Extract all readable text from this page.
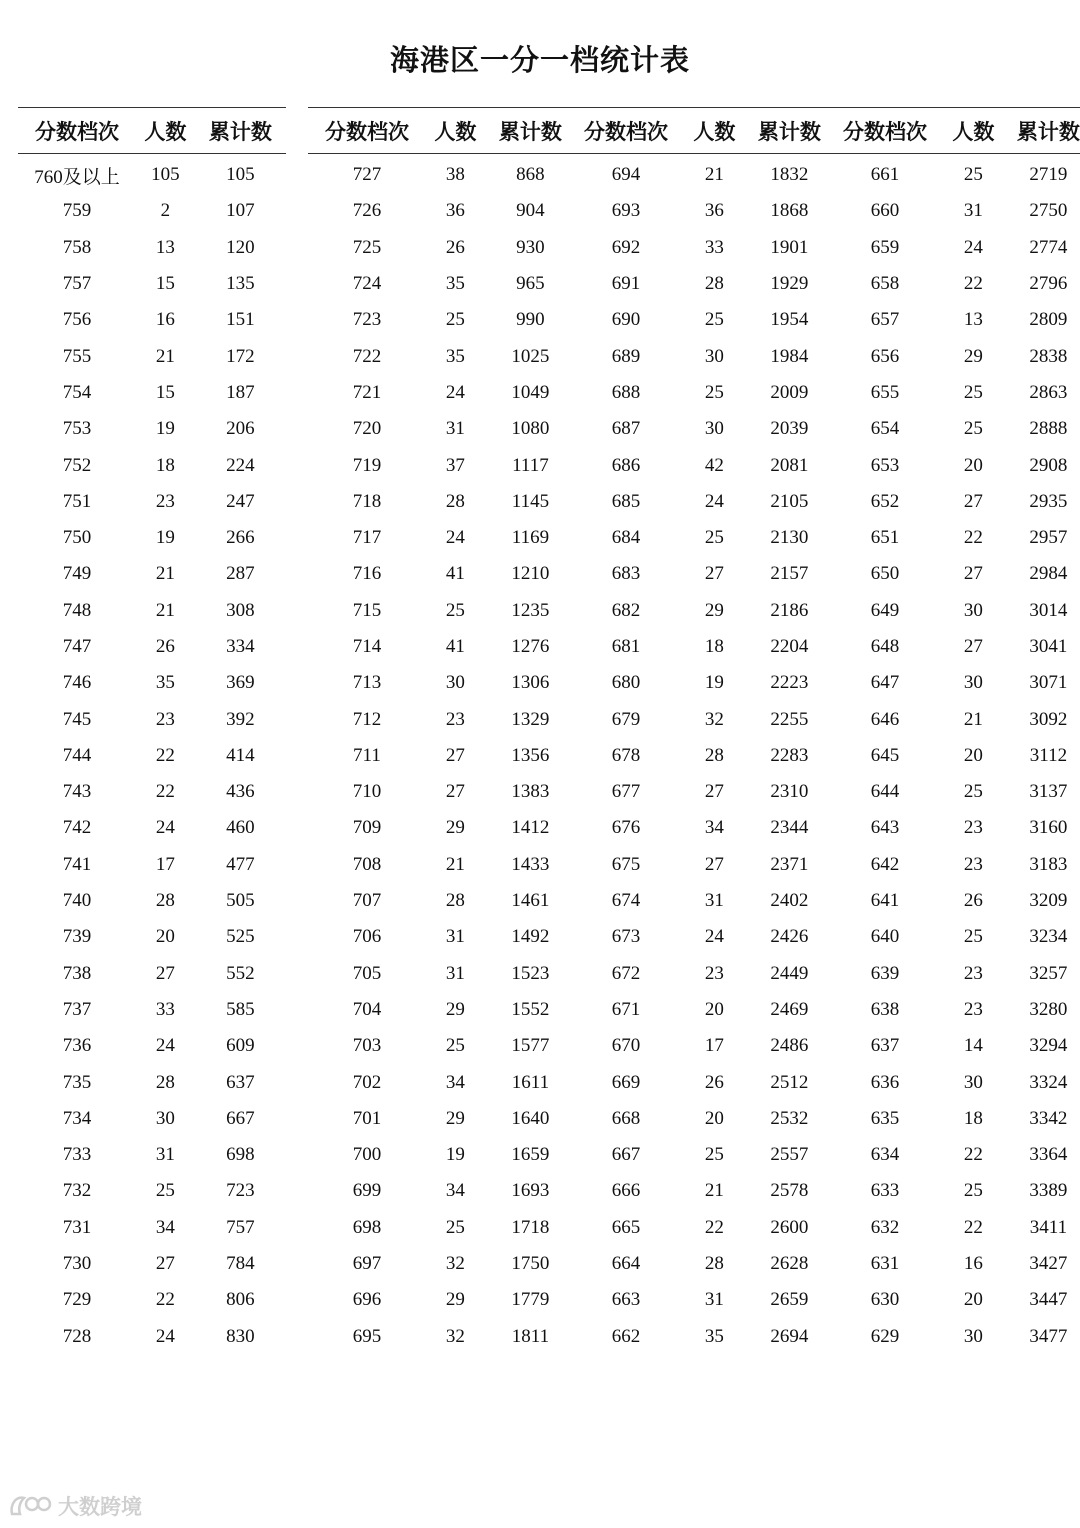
海港区一分一档统计表
分数档次	人数	累计数
760及以上	105	105
759	2	107
758	13	120
757	15	135
756	16	151
755	21	172
754	15	187
753	19	206
752	18	224
751	23	247
750	19	266
749	21	287
748	21	308
747	26	334
746	35	369
745	23	392
744	22	414
743	22	436
742	24	460
741	17	477
740	28	505
739	20	525
738	27	552
737	33	585
736	24	609
735	28	637
734	30	667
733	31	698
732	25	723
731	34	757
730	27	784
729	22	806
728	24	830
分数档次	人数	累计数
727	38	868
726	36	904
725	26	930
724	35	965
723	25	990
722	35	1025
721	24	1049
720	31	1080
719	37	1117
718	28	1145
717	24	1169
716	41	1210
715	25	1235
714	41	1276
713	30	1306
712	23	1329
711	27	1356
710	27	1383
709	29	1412
708	21	1433
707	28	1461
706	31	1492
705	31	1523
704	29	1552
703	25	1577
702	34	1611
701	29	1640
700	19	1659
699	34	1693
698	25	1718
697	32	1750
696	29	1779
695	32	1811
分数档次	人数	累计数
694	21	1832
693	36	1868
692	33	1901
691	28	1929
690	25	1954
689	30	1984
688	25	2009
687	30	2039
686	42	2081
685	24	2105
684	25	2130
683	27	2157
682	29	2186
681	18	2204
680	19	2223
679	32	2255
678	28	2283
677	27	2310
676	34	2344
675	27	2371
674	31	2402
673	24	2426
672	23	2449
671	20	2469
670	17	2486
669	26	2512
668	20	2532
667	25	2557
666	21	2578
665	22	2600
664	28	2628
663	31	2659
662	35	2694
分数档次	人数	累计数
661	25	2719
660	31	2750
659	24	2774
658	22	2796
657	13	2809
656	29	2838
655	25	2863
654	25	2888
653	20	2908
652	27	2935
651	22	2957
650	27	2984
649	30	3014
648	27	3041
647	30	3071
646	21	3092
645	20	3112
644	25	3137
643	23	3160
642	23	3183
641	26	3209
640	25	3234
639	23	3257
638	23	3280
637	14	3294
636	30	3324
635	18	3342
634	22	3364
633	25	3389
632	22	3411
631	16	3427
630	20	3447
629	30	3477
大数跨境
